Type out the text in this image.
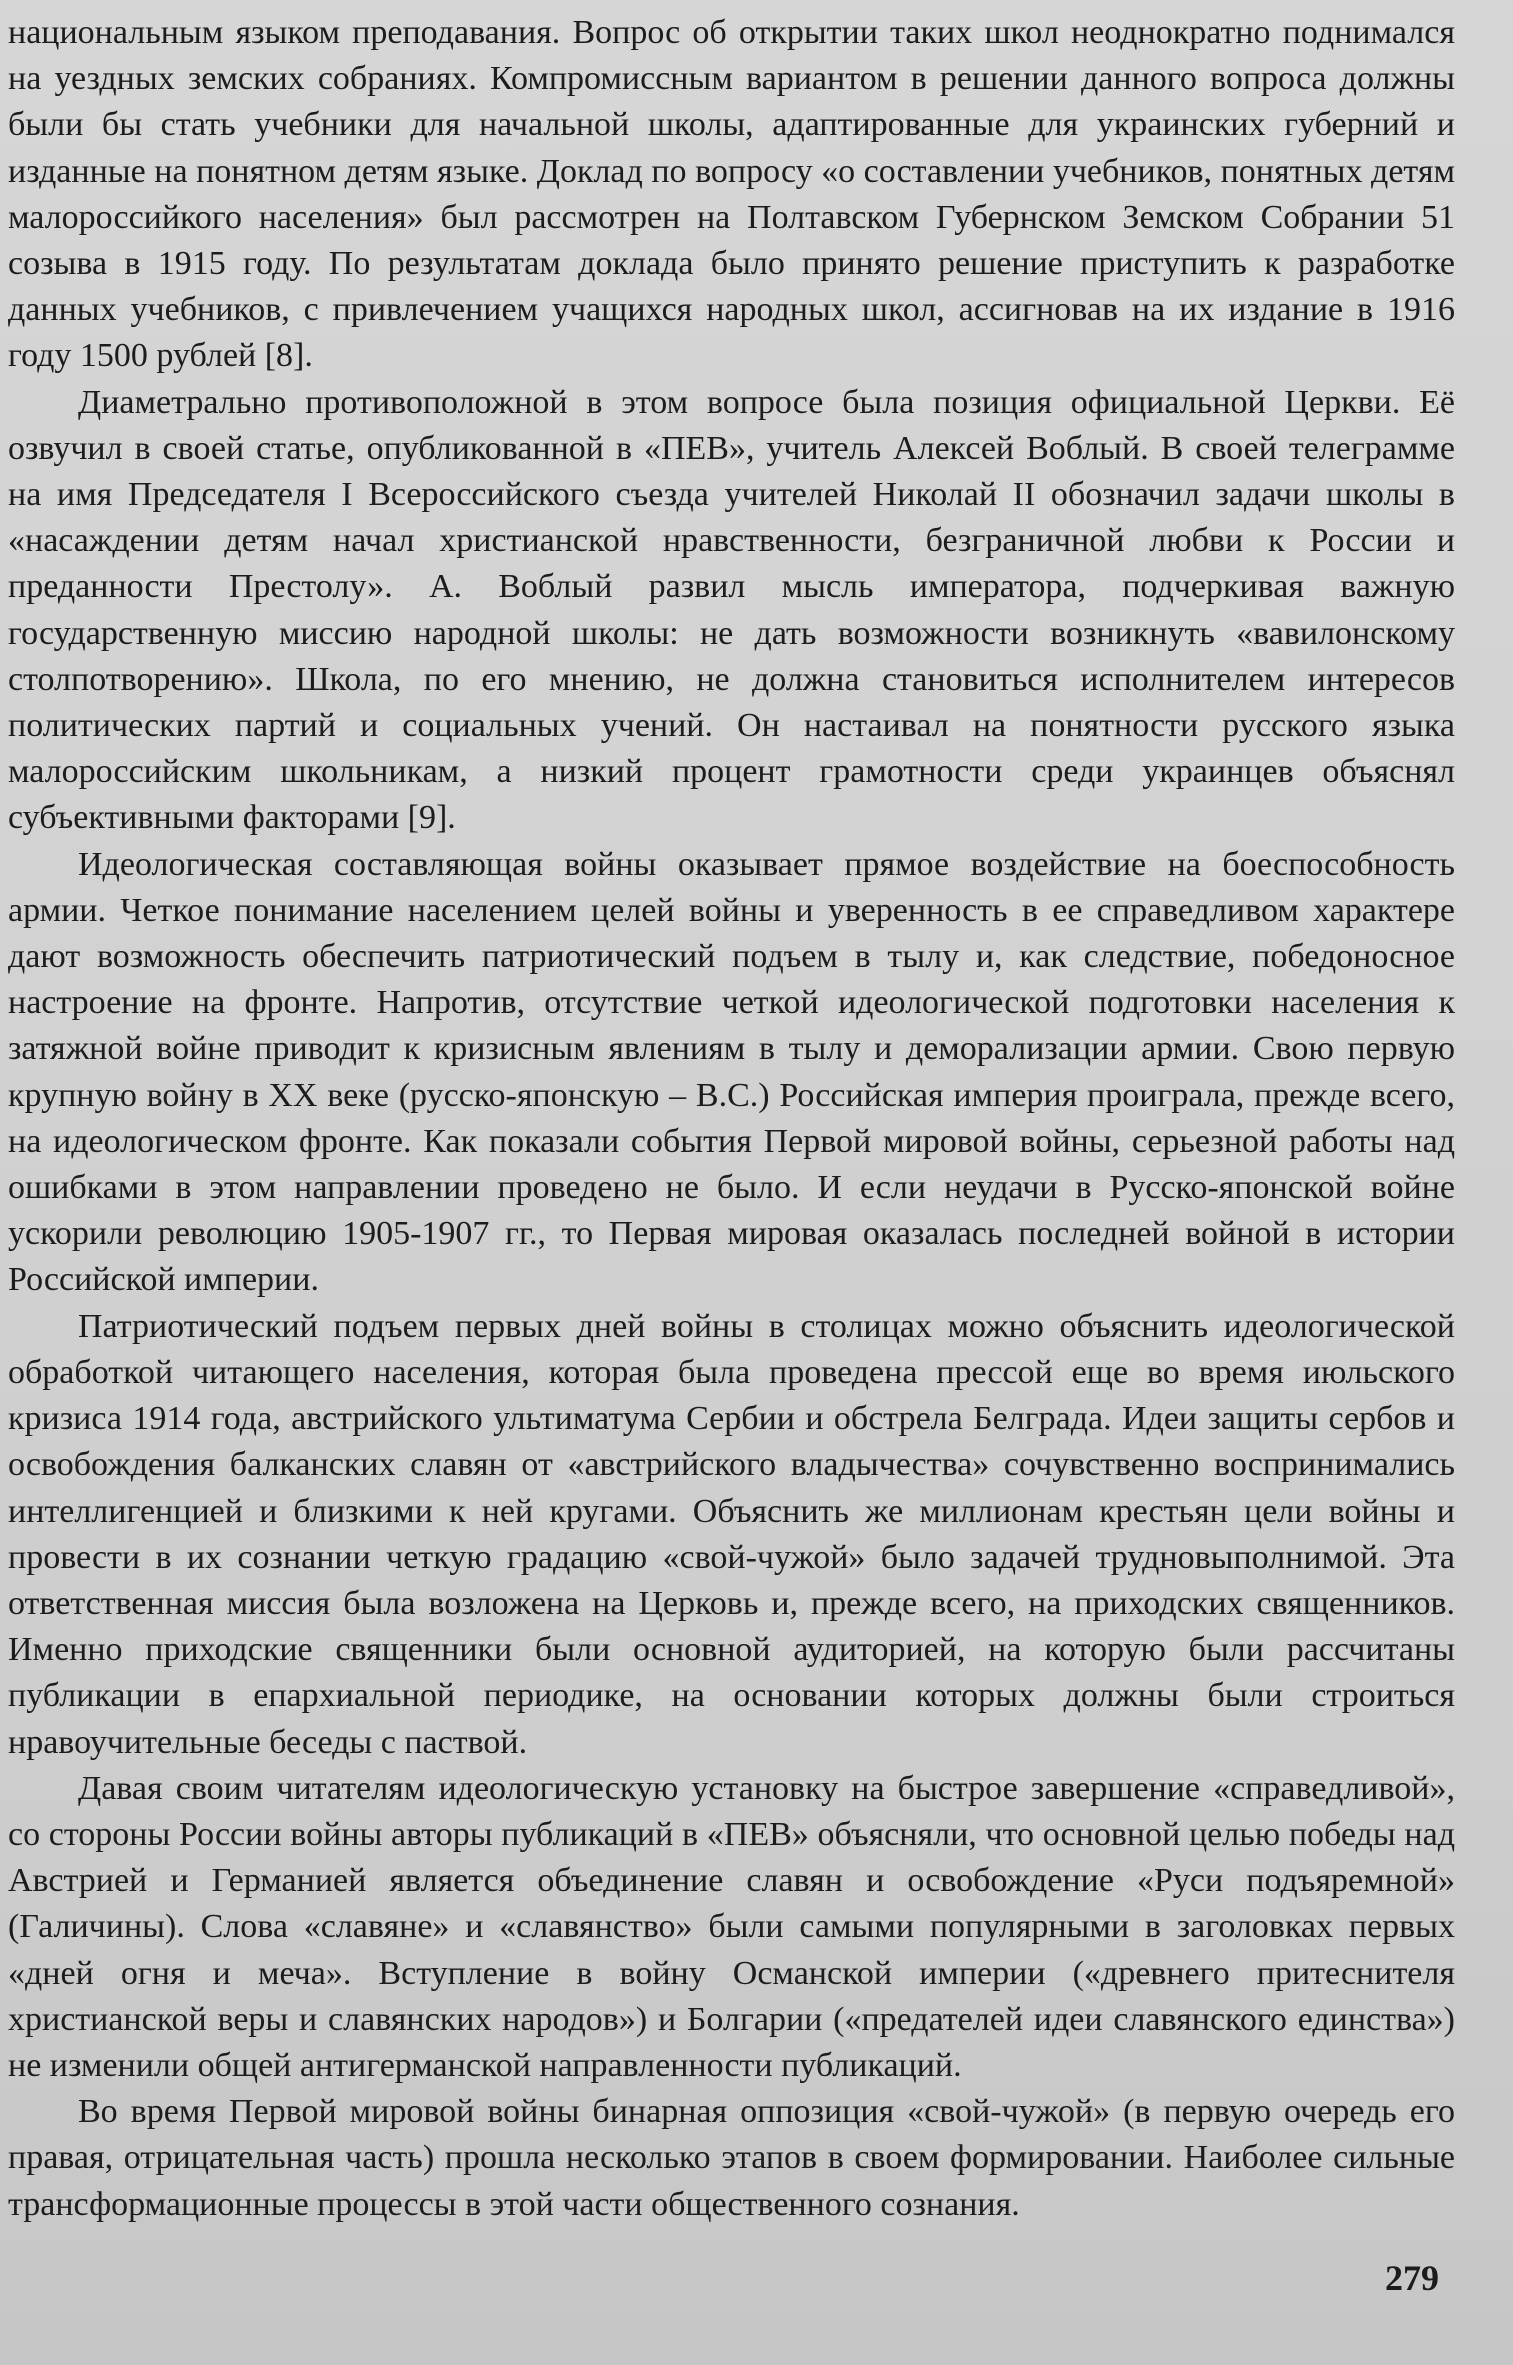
национальным языком преподавания. Вопрос об открытии таких школ неоднократно поднимался на уездных земских собраниях. Компромиссным вариантом в решении данного вопроса должны были бы стать учебники для начальной школы, адаптированные для украинских губерний и изданные на понятном детям языке. Доклад по вопросу «о составлении учебников, понятных детям малороссийкого населения» был рассмотрен на Полтавском Губернском Земском Собрании 51 созыва в 1915 году. По результатам доклада было принято решение приступить к разработке данных учебников, с привлечением учащихся народных школ, ассигновав на их издание в 1916 году 1500 рублей [8].

Диаметрально противоположной в этом вопросе была позиция официальной Церкви. Её озвучил в своей статье, опубликованной в «ПЕВ», учитель Алексей Воблый. В своей телеграмме на имя Председателя I Всероссийского съезда учителей Николай II обозначил задачи школы в «насаждении детям начал христианской нравственности, безграничной любви к России и преданности Престолу». А. Воблый развил мысль императора, подчеркивая важную государственную миссию народной школы: не дать возможности возникнуть «вавилонскому столпотворению». Школа, по его мнению, не должна становиться исполнителем интересов политических партий и социальных учений. Он настаивал на понятности русского языка малороссийским школьникам, а низкий процент грамотности среди украинцев объяснял субъективными факторами [9].

Идеологическая составляющая войны оказывает прямое воздействие на боеспособность армии. Четкое понимание населением целей войны и уверенность в ее справедливом характере дают возможность обеспечить патриотический подъем в тылу и, как следствие, победоносное настроение на фронте. Напротив, отсутствие четкой идеологической подготовки населения к затяжной войне приводит к кризисным явлениям в тылу и деморализации армии. Свою первую крупную войну в XX веке (русско-японскую – В.С.) Российская империя проиграла, прежде всего, на идеологическом фронте. Как показали события Первой мировой войны, серьезной работы над ошибками в этом направлении проведено не было. И если неудачи в Русско-японской войне ускорили революцию 1905-1907 гг., то Первая мировая оказалась последней войной в истории Российской империи.

Патриотический подъем первых дней войны в столицах можно объяснить идеологической обработкой читающего населения, которая была проведена прессой еще во время июльского кризиса 1914 года, австрийского ультиматума Сербии и обстрела Белграда. Идеи защиты сербов и освобождения балканских славян от «австрийского владычества» сочувственно воспринимались интеллигенцией и близкими к ней кругами. Объяснить же миллионам крестьян цели войны и провести в их сознании четкую градацию «свой-чужой» было задачей трудновыполнимой. Эта ответственная миссия была возложена на Церковь и, прежде всего, на приходских священников. Именно приходские священники были основной аудиторией, на которую были рассчитаны публикации в епархиальной периодике, на основании которых должны были строиться нравоучительные беседы с паствой.

Давая своим читателям идеологическую установку на быстрое завершение «справедливой», со стороны России войны авторы публикаций в «ПЕВ» объясняли, что основной целью победы над Австрией и Германией является объединение славян и освобождение «Руси подъяремной» (Галичины). Слова «славяне» и «славянство» были самыми популярными в заголовках первых «дней огня и меча». Вступление в войну Османской империи («древнего притеснителя христианской веры и славянских народов») и Болгарии («предателей идеи славянского единства») не изменили общей антигерманской направленности публикаций.

Во время Первой мировой войны бинарная оппозиция «свой-чужой» (в первую очередь его правая, отрицательная часть) прошла несколько этапов в своем формировании. Наиболее сильные трансформационные процессы в этой части общественного сознания.

279
